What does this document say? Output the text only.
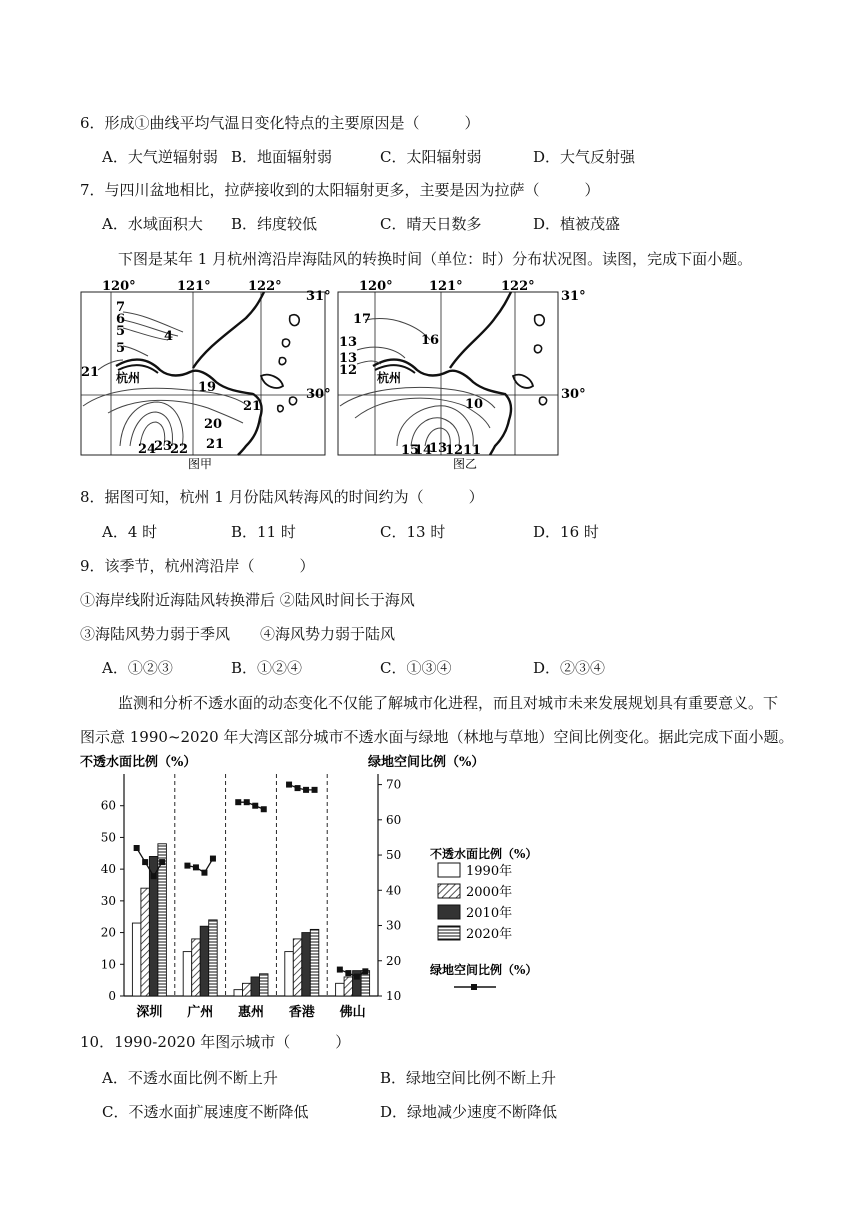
6．形成①曲线平均气温日变化特点的主要原因是（　　　）
A．大气逆辐射弱 B．地面辐射弱	C．太阳辐射弱	D．大气反射强
7．与四川盆地相比，拉萨接收到的太阳辐射更多，主要是因为拉萨（　　　）
A．水域面积大 B．纬度较低	C．晴天日数多	D．植被茂盛
下图是某年 1 月杭州湾沿岸海陆风的转换时间（单位：时）分布状况图。读图，完成下面小题。
120°	121°	122°
7
6
5	4
5
21 杭州
19
21
20
21
24
23
22
31°
30°
图甲
120°	121°	122°
17
16
13
13
12 杭州
10
15
14
13
12 11
31°
30°
图乙
8．据图可知，杭州 1 月份陆风转海风的时间约为（　　　）
A．4 时	B．11 时	C．13 时	D．16 时
9．该季节，杭州湾沿岸（　　　）
①海岸线附近海陆风转换滞后 ②陆风时间长于海风
③海陆风势力弱于季风　　④海风势力弱于陆风
A．①②③	B．①②④	C．①③④	D．②③④
监测和分析不透水面的动态变化不仅能了解城市化进程，而且对城市未来发展规划具有重要意义。下
图示意 1990~2020 年大湾区部分城市不透水面与绿地（林地与草地）空间比例变化。据此完成下面小题。
不透水面比例（%）	绿地空间比例（%）
0
10
20
30
40
50
60
10
20
30
40
50
60
70
深圳 广州 惠州 香港 佛山
不透水面比例（%）
1990年
2000年
2010年
2020年
绿地空间比例（%）
10．1990-2020 年图示城市（　　　）
A．不透水面比例不断上升	B．绿地空间比例不断上升
C．不透水面扩展速度不断降低	D．绿地减少速度不断降低
